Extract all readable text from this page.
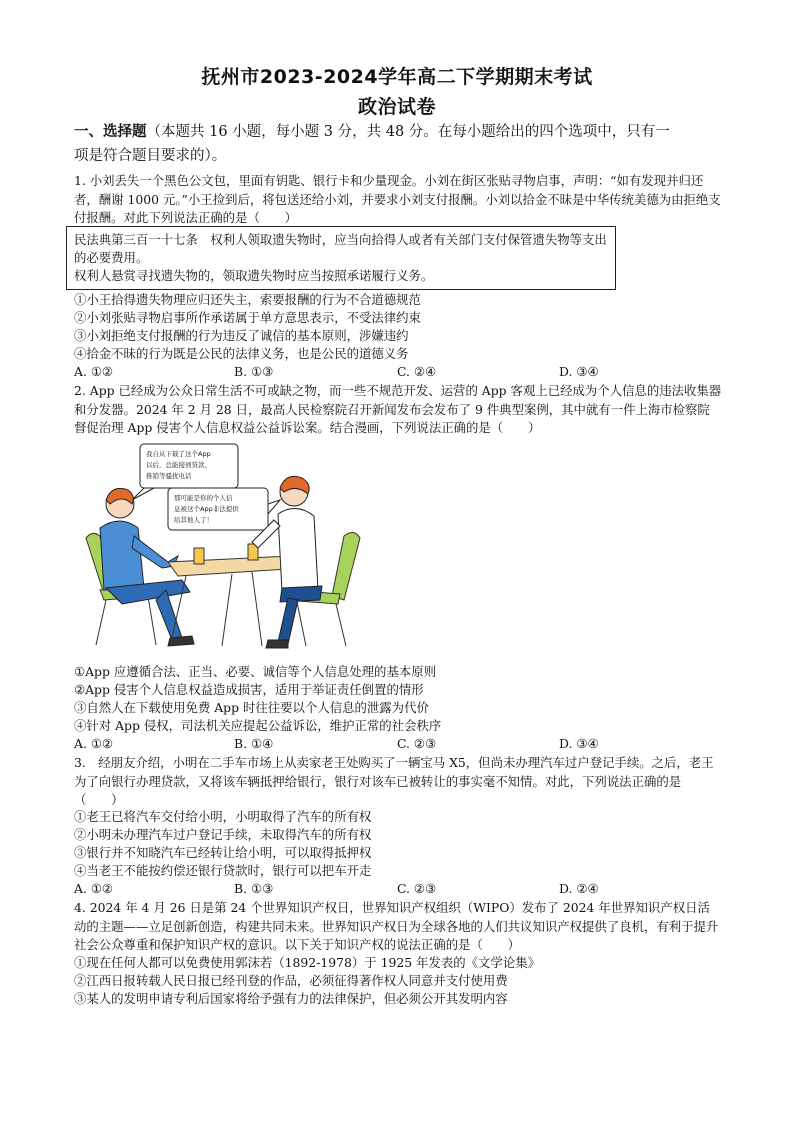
抚州市2023-2024学年高二下学期期末考试
政治试卷
一、选择题（本题共 16 小题，每小题 3 分，共 48 分。在每小题给出的四个选项中，只有一
项是符合题目要求的）。
1. 小刘丢失一个黑色公文包，里面有钥匙、银行卡和少量现金。小刘在街区张贴寻物启事，声明：“如有发现并归还者，酬谢 1000 元。”小王捡到后，将包送还给小刘，并要求小刘支付报酬。小刘以拾金不昧是中华传统美德为由拒绝支付报酬。对此下列说法正确的是（　　）
民法典第三百一十七条　权利人领取遗失物时，应当向拾得人或者有关部门支付保管遗失物等支出的必要费用。
权利人悬赏寻找遗失物的，领取遗失物时应当按照承诺履行义务。
①小王拾得遗失物理应归还失主，索要报酬的行为不合道德规范
②小刘张贴寻物启事所作承诺属于单方意思表示，不受法律约束
③小刘拒绝支付报酬的行为违反了诚信的基本原则，涉嫌违约
④拾金不昧的行为既是公民的法律义务，也是公民的道德义务
A. ①②	B. ①③	C. ②④	D. ③④
2. App 已经成为公众日常生活不可或缺之物，而一些不规范开发、运营的 App 客观上已经成为个人信息的违法收集器和分发器。2024 年 2 月 28 日，最高人民检察院召开新闻发布会发布了 9 件典型案例，其中就有一件上海市检察院督促治理 App 侵害个人信息权益公益诉讼案。结合漫画，下列说法正确的是（　　）
我自从下载了这个App
以后，总能接到贷款、
推销等骚扰电话
那可能是你的个人信
息被这个App非法提供
给其他人了！
①App 应遵循合法、正当、必要、诚信等个人信息处理的基本原则
②App 侵害个人信息权益造成损害，适用于举证责任倒置的情形
③自然人在下载使用免费 App 时往往要以个人信息的泄露为代价
④针对 App 侵权，司法机关应提起公益诉讼，维护正常的社会秩序
A. ①②	B. ①④	C. ②③	D. ③④
3.　经朋友介绍，小明在二手车市场上从卖家老王处购买了一辆宝马 X5，但尚未办理汽车过户登记手续。之后，老王为了向银行办理贷款，又将该车辆抵押给银行，银行对该车已被转让的事实毫不知情。对此，下列说法正确的是（　　）
①老王已将汽车交付给小明，小明取得了汽车的所有权
②小明未办理汽车过户登记手续，未取得汽车的所有权
③银行并不知晓汽车已经转让给小明，可以取得抵押权
④当老王不能按约偿还银行贷款时，银行可以把车开走
A. ①②	B. ①③	C. ②③	D. ②④
4. 2024 年 4 月 26 日是第 24 个世界知识产权日，世界知识产权组织（WIPO）发布了 2024 年世界知识产权日活动的主题——立足创新创造，构建共同未来。世界知识产权日为全球各地的人们共议知识产权提供了良机，有利于提升社会公众尊重和保护知识产权的意识。以下关于知识产权的说法正确的是（　　）
①现在任何人都可以免费使用郭沫若（1892-1978）于 1925 年发表的《文学论集》
②江西日报转载人民日报已经刊登的作品，必须征得著作权人同意并支付使用费
③某人的发明申请专利后国家将给予强有力的法律保护，但必须公开其发明内容
